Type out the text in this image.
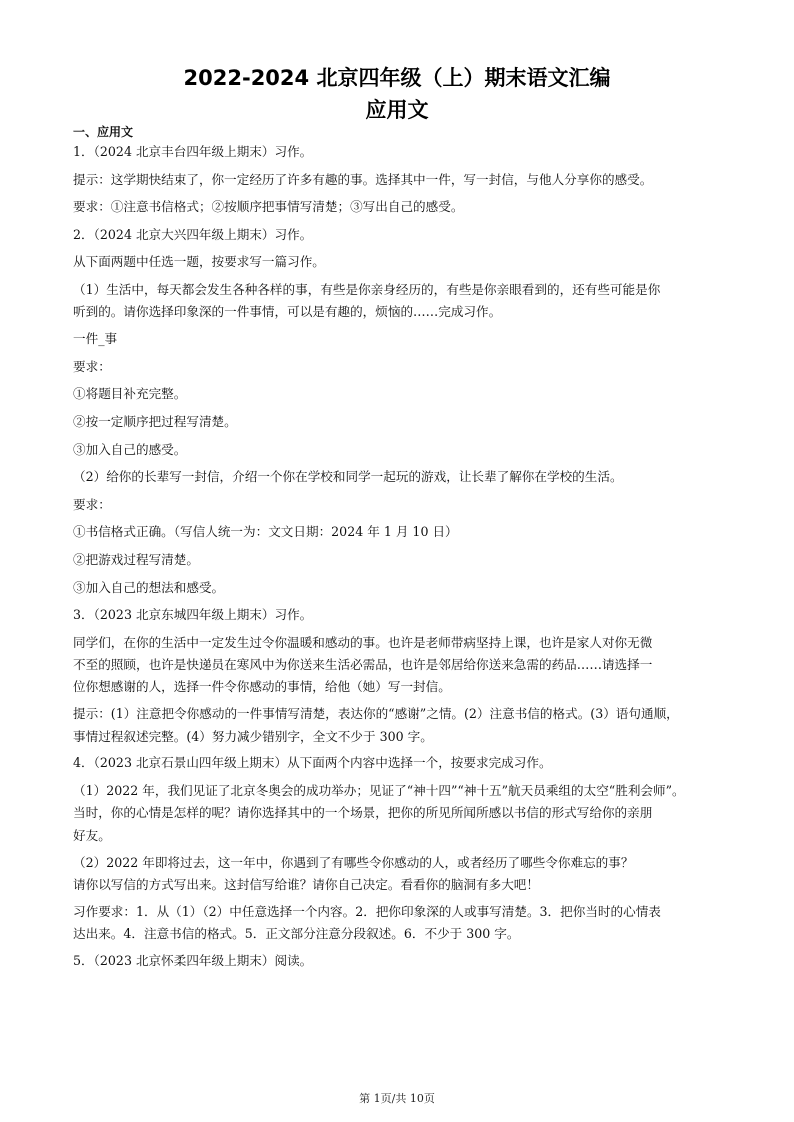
2022-2024 北京四年级（上）期末语文汇编
应用文
一、应用文
1．（2024 北京丰台四年级上期末）习作。
提示：这学期快结束了，你一定经历了许多有趣的事。选择其中一件，写一封信，与他人分享你的感受。
要求：①注意书信格式；②按顺序把事情写清楚；③写出自己的感受。
2．（2024 北京大兴四年级上期末）习作。
从下面两题中任选一题，按要求写一篇习作。
（1）生活中，每天都会发生各种各样的事，有些是你亲身经历的，有些是你亲眼看到的，还有些可能是你
听到的。请你选择印象深的一件事情，可以是有趣的，烦恼的……完成习作。
一件_事
要求：
①将题目补充完整。
②按一定顺序把过程写清楚。
③加入自己的感受。
（2）给你的长辈写一封信，介绍一个你在学校和同学一起玩的游戏，让长辈了解你在学校的生活。
要求：
①书信格式正确。（写信人统一为：文文日期：2024 年 1 月 10 日）
②把游戏过程写清楚。
③加入自己的想法和感受。
3．（2023 北京东城四年级上期末）习作。
同学们，在你的生活中一定发生过令你温暖和感动的事。也许是老师带病坚持上课，也许是家人对你无微
不至的照顾，也许是快递员在寒风中为你送来生活必需品，也许是邻居给你送来急需的药品……请选择一
位你想感谢的人，选择一件令你感动的事情，给他（她）写一封信。
提示：(1）注意把令你感动的一件事情写清楚，表达你的“感谢”之情。(2）注意书信的格式。(3）语句通顺，
事情过程叙述完整。(4）努力减少错别字，全文不少于 300 字。
4．（2023 北京石景山四年级上期末）从下面两个内容中选择一个，按要求完成习作。
（1）2022 年，我们见证了北京冬奥会的成功举办；见证了“神十四”“神十五”航天员乘组的太空“胜利会师”。
当时，你的心情是怎样的呢？请你选择其中的一个场景，把你的所见所闻所感以书信的形式写给你的亲朋
好友。
（2）2022 年即将过去，这一年中，你遇到了有哪些令你感动的人，或者经历了哪些令你难忘的事？
请你以写信的方式写出来。这封信写给谁？请你自己决定。看看你的脑洞有多大吧！
习作要求：1．从（1）（2）中任意选择一个内容。2．把你印象深的人或事写清楚。3．把你当时的心情表
达出来。4．注意书信的格式。5．正文部分注意分段叙述。6．不少于 300 字。
5．（2023 北京怀柔四年级上期末）阅读。
第 1页/共 10页
